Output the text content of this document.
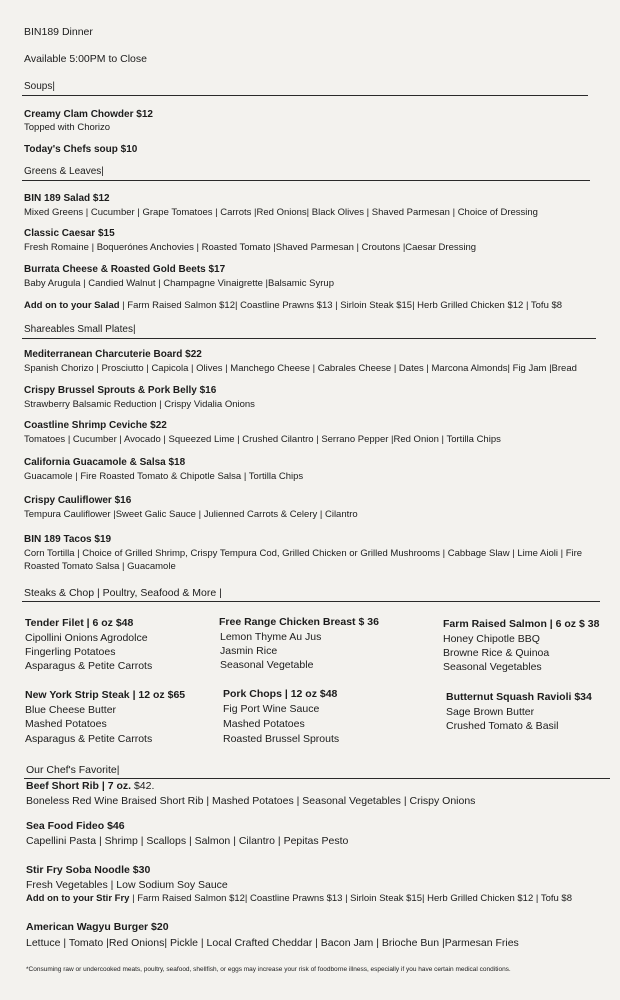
BIN189 Dinner
Available 5:00PM to Close
Soups|
Creamy Clam Chowder $12
Topped with Chorizo
Today's Chefs soup $10
Greens & Leaves|
BIN 189 Salad $12
Mixed Greens | Cucumber | Grape Tomatoes | Carrots |Red Onions| Black Olives | Shaved Parmesan | Choice of Dressing
Classic Caesar $15
Fresh Romaine | Boquerónes Anchovies | Roasted Tomato |Shaved Parmesan | Croutons |Caesar Dressing
Burrata Cheese & Roasted Gold Beets $17
Baby Arugula | Candied Walnut | Champagne Vinaigrette |Balsamic Syrup
Add on to your Salad | Farm Raised Salmon $12| Coastline Prawns $13 | Sirloin Steak $15| Herb Grilled Chicken $12 | Tofu $8
Shareables Small Plates|
Mediterranean Charcuterie Board $22
Spanish Chorizo | Prosciutto | Capicola | Olives | Manchego Cheese | Cabrales Cheese | Dates | Marcona Almonds| Fig Jam |Bread
Crispy Brussel Sprouts & Pork Belly $16
Strawberry Balsamic Reduction | Crispy Vidalia Onions
Coastline Shrimp Ceviche $22
Tomatoes | Cucumber | Avocado | Squeezed Lime | Crushed Cilantro | Serrano Pepper |Red Onion | Tortilla Chips
California Guacamole & Salsa $18
Guacamole | Fire Roasted Tomato & Chipotle Salsa | Tortilla Chips
Crispy Cauliflower $16
Tempura Cauliflower |Sweet Galic Sauce | Julienned Carrots & Celery | Cilantro
BIN 189 Tacos $19
Corn Tortilla | Choice of Grilled Shrimp, Crispy Tempura Cod, Grilled Chicken or Grilled Mushrooms | Cabbage Slaw | Lime Aioli | Fire
Roasted Tomato Salsa | Guacamole
Steaks & Chop | Poultry, Seafood & More |
Tender Filet | 6 oz $48
Cipollini Onions Agrodolce
Fingerling Potatoes
Asparagus & Petite Carrots
New York Strip Steak | 12 oz $65
Blue Cheese Butter
Mashed Potatoes
Asparagus & Petite Carrots
Free Range Chicken Breast $ 36
Lemon Thyme Au Jus
Jasmin Rice
Seasonal Vegetable
Pork Chops | 12 oz $48
Fig Port Wine Sauce
Mashed Potatoes
Roasted Brussel Sprouts
Farm Raised Salmon | 6 oz $ 38
Honey Chipotle BBQ
Browne Rice & Quinoa
Seasonal Vegetables
Butternut Squash Ravioli $34
Sage Brown Butter
Crushed Tomato & Basil
Our Chef's Favorite|
Beef Short Rib | 7 oz. $42.
Boneless Red Wine Braised Short Rib | Mashed Potatoes | Seasonal Vegetables | Crispy Onions
Sea Food Fideo $46
Capellini Pasta | Shrimp | Scallops | Salmon | Cilantro | Pepitas Pesto
Stir Fry Soba Noodle $30
Fresh Vegetables | Low Sodium Soy Sauce
Add on to your Stir Fry | Farm Raised Salmon $12| Coastline Prawns $13 | Sirloin Steak $15| Herb Grilled Chicken $12 | Tofu $8
American Wagyu Burger $20
Lettuce | Tomato |Red Onions| Pickle | Local Crafted Cheddar | Bacon Jam | Brioche Bun |Parmesan Fries
*Consuming raw or undercooked meats, poultry, seafood, shellfish, or eggs may increase your risk of foodborne illness, especially if you have certain medical conditions.
